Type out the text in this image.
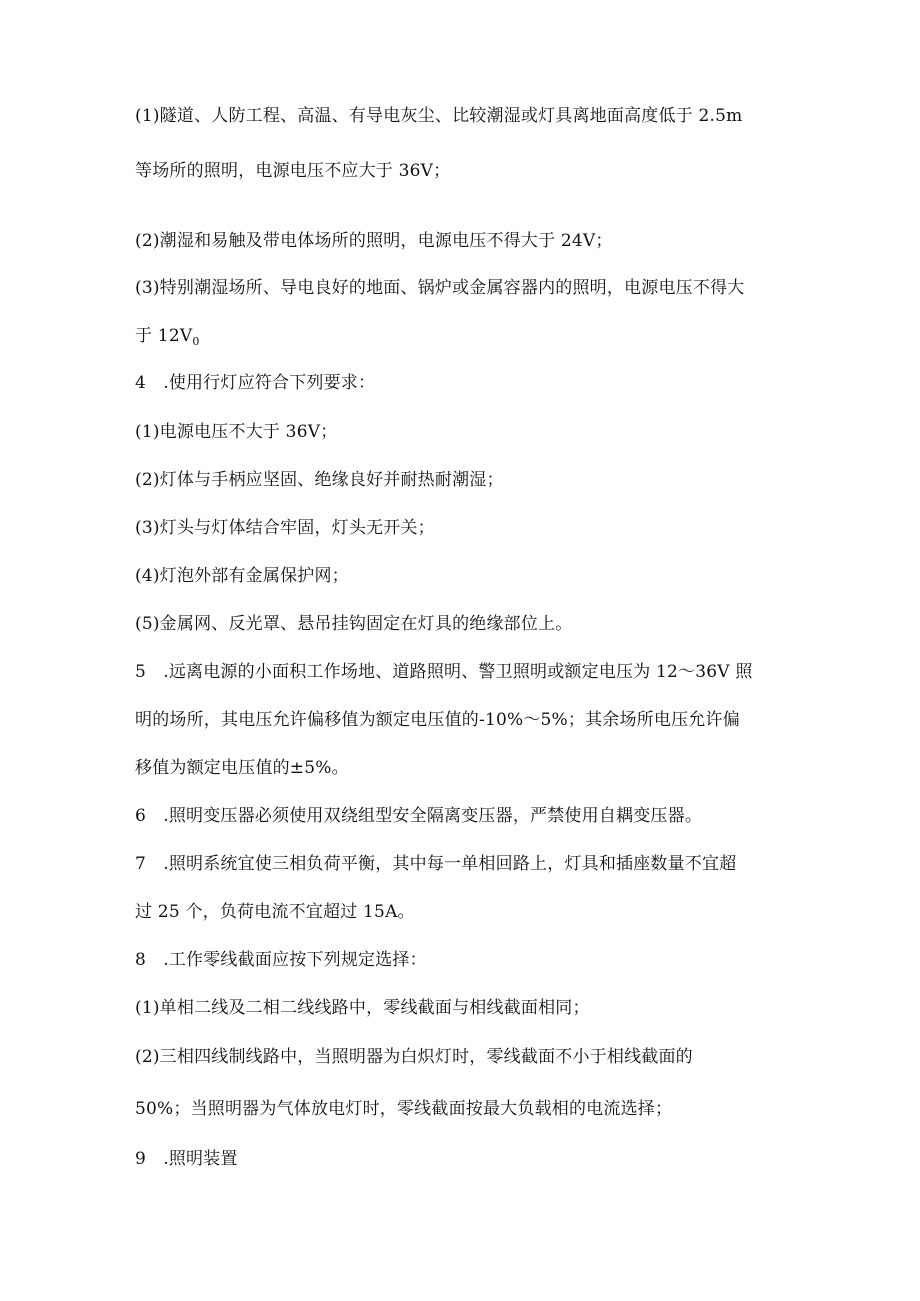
(1)隧道、人防工程、高温、有导电灰尘、比较潮湿或灯具离地面高度低于 2.5m
等场所的照明，电源电压不应大于 36V；
(2)潮湿和易触及带电体场所的照明，电源电压不得大于 24V；
(3)特别潮湿场所、导电良好的地面、锅炉或金属容器内的照明，电源电压不得大
于 $12V_0$
4　.使用行灯应符合下列要求：
(1)电源电压不大于 36V；
(2)灯体与手柄应坚固、绝缘良好并耐热耐潮湿；
(3)灯头与灯体结合牢固，灯头无开关；
(4)灯泡外部有金属保护网；
(5)金属网、反光罩、悬吊挂钩固定在灯具的绝缘部位上。
5　.远离电源的小面积工作场地、道路照明、警卫照明或额定电压为 12～36V 照
明的场所，其电压允许偏移值为额定电压值的-10%～5%；其余场所电压允许偏
移值为额定电压值的±5%。
6　.照明变压器必须使用双绕组型安全隔离变压器，严禁使用自耦变压器。
7　.照明系统宜使三相负荷平衡，其中每一单相回路上，灯具和插座数量不宜超
过 25 个，负荷电流不宜超过 15A。
8　.工作零线截面应按下列规定选择：
(1)单相二线及二相二线线路中，零线截面与相线截面相同；
(2)三相四线制线路中，当照明器为白炽灯时，零线截面不小于相线截面的
50%；当照明器为气体放电灯时，零线截面按最大负载相的电流选择；
9　.照明装置
